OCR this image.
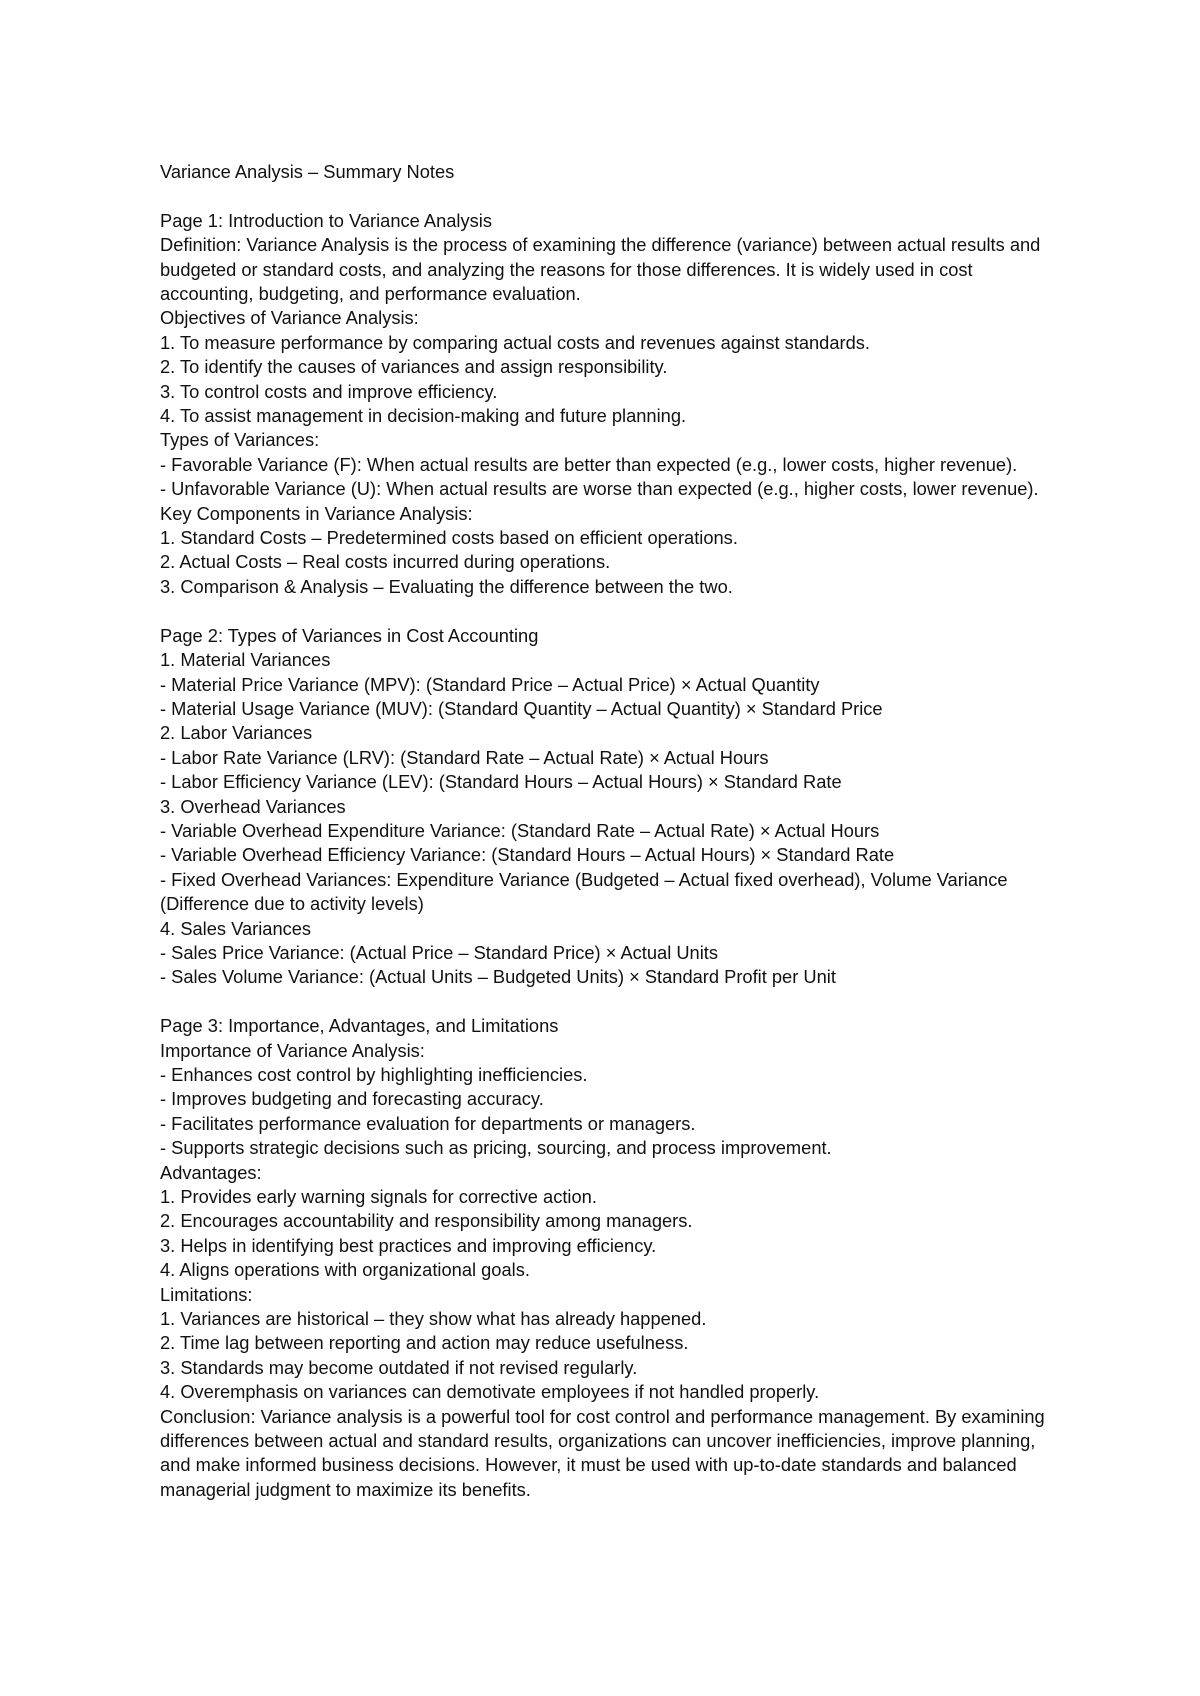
Variance Analysis – Summary Notes

Page 1: Introduction to Variance Analysis

Definition: Variance Analysis is the process of examining the difference (variance) between actual results and budgeted or standard costs, and analyzing the reasons for those differences. It is widely used in cost accounting, budgeting, and performance evaluation.

Objectives of Variance Analysis:

1. To measure performance by comparing actual costs and revenues against standards.

2. To identify the causes of variances and assign responsibility.

3. To control costs and improve efficiency.

4. To assist management in decision-making and future planning.

Types of Variances:

- Favorable Variance (F): When actual results are better than expected (e.g., lower costs, higher revenue).

- Unfavorable Variance (U): When actual results are worse than expected (e.g., higher costs, lower revenue).

Key Components in Variance Analysis:

1. Standard Costs – Predetermined costs based on efficient operations.

2. Actual Costs – Real costs incurred during operations.

3. Comparison & Analysis – Evaluating the difference between the two.

Page 2: Types of Variances in Cost Accounting

1. Material Variances

- Material Price Variance (MPV): (Standard Price – Actual Price) × Actual Quantity

- Material Usage Variance (MUV): (Standard Quantity – Actual Quantity) × Standard Price

2. Labor Variances

- Labor Rate Variance (LRV): (Standard Rate – Actual Rate) × Actual Hours

- Labor Efficiency Variance (LEV): (Standard Hours – Actual Hours) × Standard Rate

3. Overhead Variances

- Variable Overhead Expenditure Variance: (Standard Rate – Actual Rate) × Actual Hours

- Variable Overhead Efficiency Variance: (Standard Hours – Actual Hours) × Standard Rate

- Fixed Overhead Variances: Expenditure Variance (Budgeted – Actual fixed overhead), Volume Variance (Difference due to activity levels)

4. Sales Variances

- Sales Price Variance: (Actual Price – Standard Price) × Actual Units

- Sales Volume Variance: (Actual Units – Budgeted Units) × Standard Profit per Unit

Page 3: Importance, Advantages, and Limitations

Importance of Variance Analysis:

- Enhances cost control by highlighting inefficiencies.

- Improves budgeting and forecasting accuracy.

- Facilitates performance evaluation for departments or managers.

- Supports strategic decisions such as pricing, sourcing, and process improvement.

Advantages:

1. Provides early warning signals for corrective action.

2. Encourages accountability and responsibility among managers.

3. Helps in identifying best practices and improving efficiency.

4. Aligns operations with organizational goals.

Limitations:

1. Variances are historical – they show what has already happened.

2. Time lag between reporting and action may reduce usefulness.

3. Standards may become outdated if not revised regularly.

4. Overemphasis on variances can demotivate employees if not handled properly.

Conclusion: Variance analysis is a powerful tool for cost control and performance management. By examining differences between actual and standard results, organizations can uncover inefficiencies, improve planning, and make informed business decisions. However, it must be used with up-to-date standards and balanced managerial judgment to maximize its benefits.
